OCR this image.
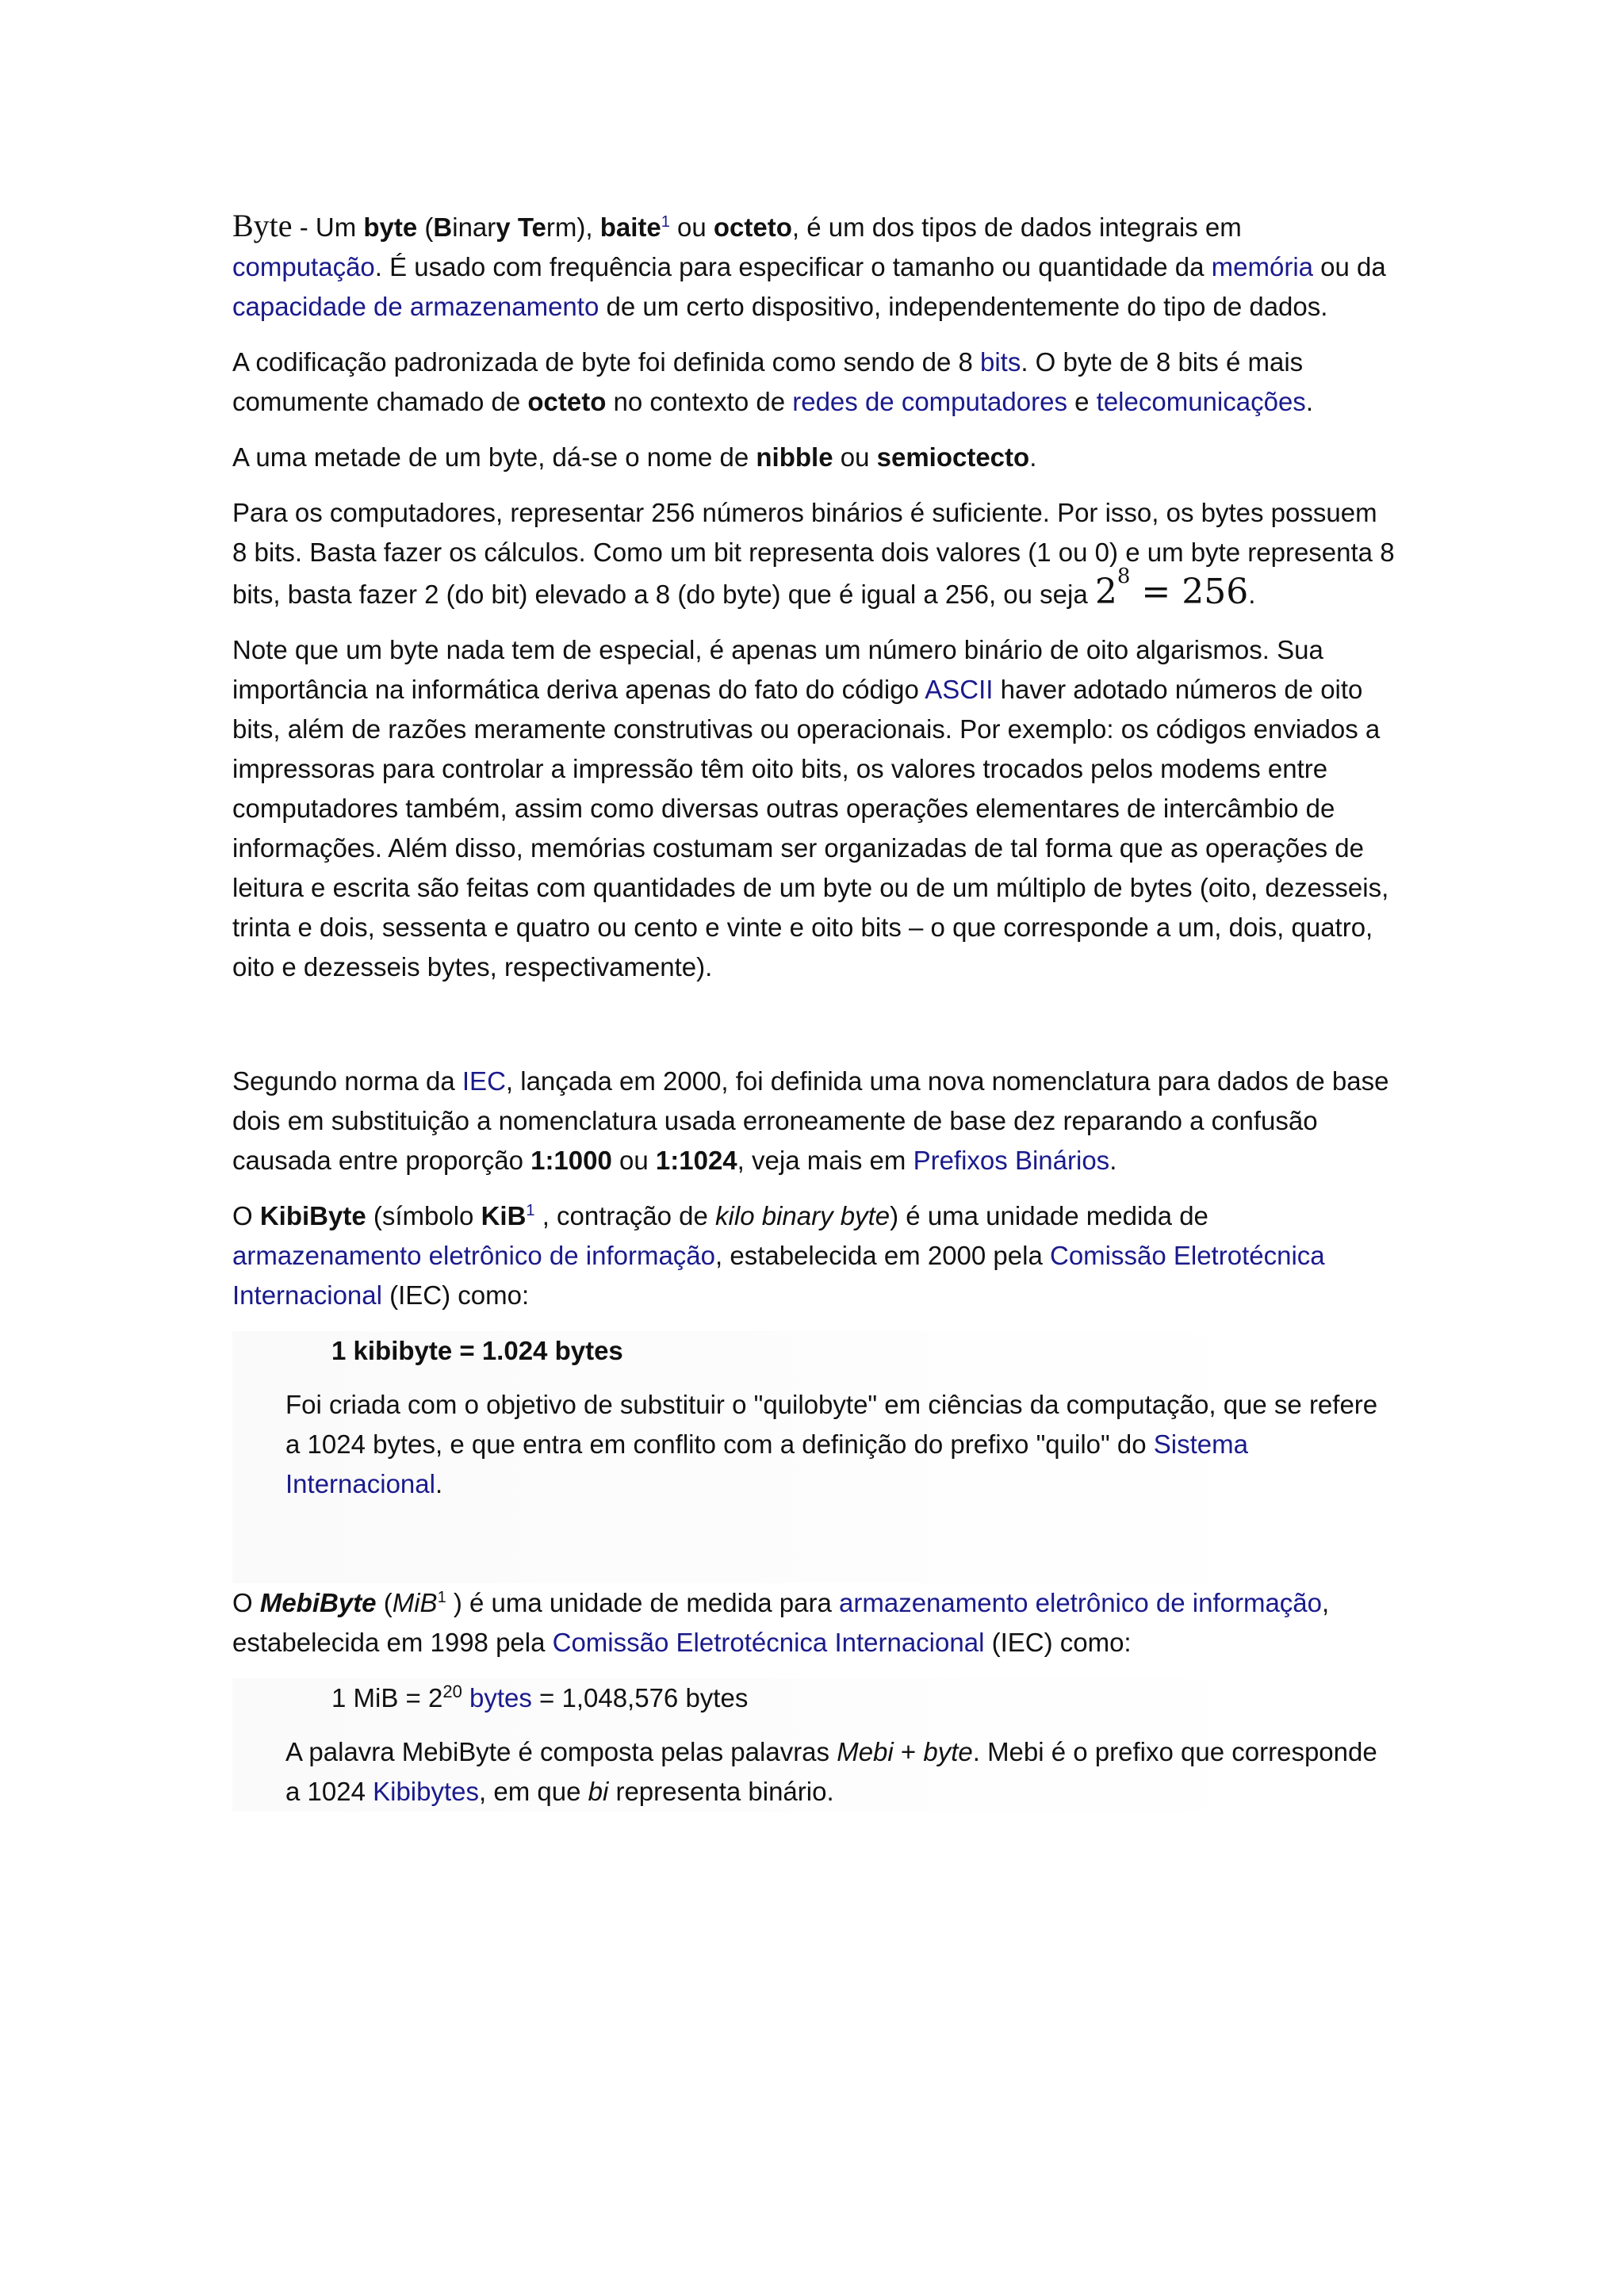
Byte - Um byte (Binary Term), baite$^1$ ou octeto, é um dos tipos de dados integrais em computação. É usado com frequência para especificar o tamanho ou quantidade da memória ou da capacidade de armazenamento de um certo dispositivo, independentemente do tipo de dados.

A codificação padronizada de byte foi definida como sendo de 8 bits. O byte de 8 bits é mais comumente chamado de octeto no contexto de redes de computadores e telecomunicações.

A uma metade de um byte, dá-se o nome de nibble ou semioctecto.

Para os computadores, representar 256 números binários é suficiente. Por isso, os bytes possuem 8 bits. Basta fazer os cálculos. Como um bit representa dois valores (1 ou 0) e um byte representa 8 bits, basta fazer 2 (do bit) elevado a 8 (do byte) que é igual a 256, ou seja $2^8 = 256$.

Note que um byte nada tem de especial, é apenas um número binário de oito algarismos. Sua importância na informática deriva apenas do fato do código ASCII haver adotado números de oito bits, além de razões meramente construtivas ou operacionais. Por exemplo: os códigos enviados a impressoras para controlar a impressão têm oito bits, os valores trocados pelos modems entre computadores também, assim como diversas outras operações elementares de intercâmbio de informações. Além disso, memórias costumam ser organizadas de tal forma que as operações de leitura e escrita são feitas com quantidades de um byte ou de um múltiplo de bytes (oito, dezesseis, trinta e dois, sessenta e quatro ou cento e vinte e oito bits – o que corresponde a um, dois, quatro, oito e dezesseis bytes, respectivamente).

Segundo norma da IEC, lançada em 2000, foi definida uma nova nomenclatura para dados de base dois em substituição a nomenclatura usada erroneamente de base dez reparando a confusão causada entre proporção 1:1000 ou 1:1024, veja mais em Prefixos Binários.

O KibiByte (símbolo KiB$^1$ , contração de kilo binary byte) é uma unidade medida de armazenamento eletrônico de informação, estabelecida em 2000 pela Comissão Eletrotécnica Internacional (IEC) como:

1 kibibyte = 1.024 bytes

Foi criada com o objetivo de substituir o "quilobyte" em ciências da computação, que se refere a 1024 bytes, e que entra em conflito com a definição do prefixo "quilo" do Sistema Internacional.

O MebiByte (MiB$^1$ ) é uma unidade de medida para armazenamento eletrônico de informação, estabelecida em 1998 pela Comissão Eletrotécnica Internacional (IEC) como:

1 MiB = $2^{20}$ bytes = 1,048,576 bytes

A palavra MebiByte é composta pelas palavras Mebi + byte. Mebi é o prefixo que corresponde a 1024 Kibibytes, em que bi representa binário.
